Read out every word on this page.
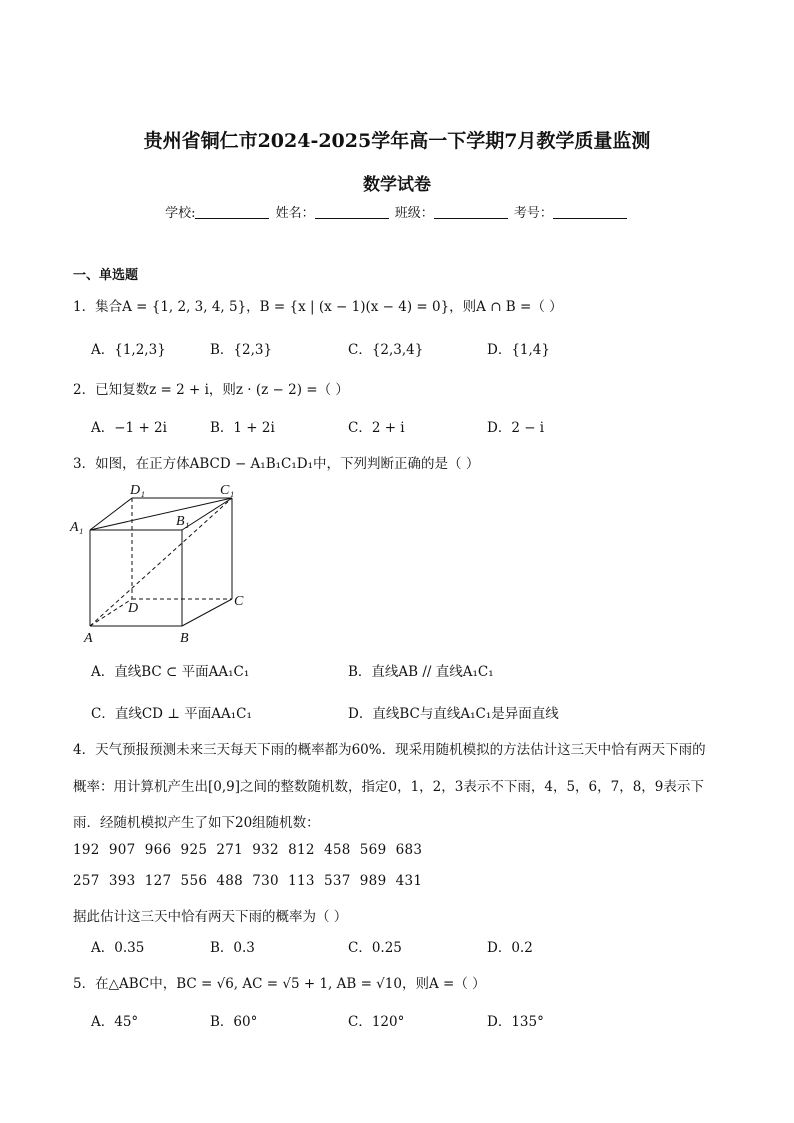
贵州省铜仁市2024-2025学年高一下学期7月教学质量监测
数学试卷
学校:	姓名：	班级：	考号：
一、单选题
1．集合A = {1, 2, 3, 4, 5}，B = {x | (x − 1)(x − 4) = 0}，则A ∩ B =（ ）
A．{1,2,3}	B．{2,3}	C．{2,3,4}	D．{1,4}
2．已知复数z = 2 + i，则z · (z − 2) =（ ）
A．−1 + 2i	B．1 + 2i	C．2 + i	D．2 − i
3．如图，在正方体ABCD − A₁B₁C₁D₁中，下列判断正确的是（ ）
D₁	C₁
A₁	B₁
D	C
A	B
A．直线BC ⊂ 平面AA₁C₁	B．直线AB // 直线A₁C₁
C．直线CD ⊥ 平面AA₁C₁	D．直线BC与直线A₁C₁是异面直线
4．天气预报预测未来三天每天下雨的概率都为60%．现采用随机模拟的方法估计这三天中恰有两天下雨的
概率：用计算机产生出[0,9]之间的整数随机数，指定0，1，2，3表示不下雨，4，5，6，7，8，9表示下
雨．经随机模拟产生了如下20组随机数：
192  907  966  925  271  932  812  458  569  683
257  393  127  556  488  730  113  537  989  431
据此估计这三天中恰有两天下雨的概率为（ ）
A．0.35	B．0.3	C．0.25	D．0.2
5．在△ABC中，BC = √6, AC = √5 + 1, AB = √10，则A =（ ）
A．45°	B．60°	C．120°	D．135°
